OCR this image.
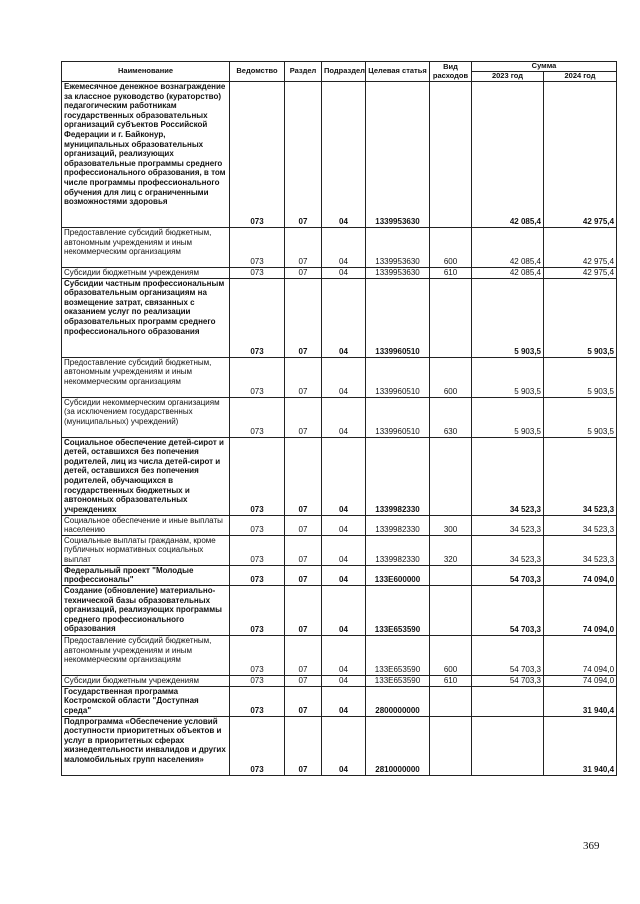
Наименование	Ведомство	Раздел	Подраздел	Целевая статья	Вид расходов	Сумма	
						2023 год	2024 год
Ежемесячное денежное вознаграждение за классное руководство (кураторство) педагогическим работникам государственных образовательных организаций субъектов Российской Федерации и г. Байконур, муниципальных образовательных организаций, реализующих образовательные программы среднего профессионального образования, в том числе программы профессионального обучения для лиц с ограниченными возможностями здоровья	073	07	04	1339953630		42 085,4	42 975,4
Предоставление субсидий бюджетным, автономным учреждениям и иным некоммерческим организациям	073	07	04	1339953630	600	42 085,4	42 975,4
Субсидии бюджетным учреждениям	073	07	04	1339953630	610	42 085,4	42 975,4
Субсидии частным профессиональным образовательным организациям на возмещение затрат, связанных с оказанием услуг по реализации образовательных программ среднего профессионального образования	073	07	04	1339960510		5 903,5	5 903,5
Предоставление субсидий бюджетным, автономным учреждениям и иным некоммерческим организациям	073	07	04	1339960510	600	5 903,5	5 903,5
Субсидии некоммерческим организациям (за исключением государственных (муниципальных) учреждений)	073	07	04	1339960510	630	5 903,5	5 903,5
Социальное обеспечение детей-сирот и детей, оставшихся без попечения родителей, лиц из числа детей-сирот и детей, оставшихся без попечения родителей, обучающихся в государственных бюджетных и автономных образовательных учреждениях	073	07	04	1339982330		34 523,3	34 523,3
Социальное обеспечение и иные выплаты населению	073	07	04	1339982330	300	34 523,3	34 523,3
Социальные выплаты гражданам, кроме публичных нормативных социальных выплат	073	07	04	1339982330	320	34 523,3	34 523,3
Федеральный проект "Молодые профессионалы"	073	07	04	133Е600000		54 703,3	74 094,0
Создание (обновление) материально-технической базы образовательных организаций, реализующих программы среднего профессионального образования	073	07	04	133Е653590		54 703,3	74 094,0
Предоставление субсидий бюджетным, автономным учреждениям и иным некоммерческим организациям	073	07	04	133Е653590	600	54 703,3	74 094,0
Субсидии бюджетным учреждениям	073	07	04	133Е653590	610	54 703,3	74 094,0
Государственная программа Костромской области "Доступная среда"	073	07	04	2800000000			31 940,4
Подпрограмма «Обеспечение условий доступности приоритетных объектов и услуг в приоритетных сферах жизнедеятельности инвалидов и других маломобильных групп населения»	073	07	04	2810000000			31 940,4
369
